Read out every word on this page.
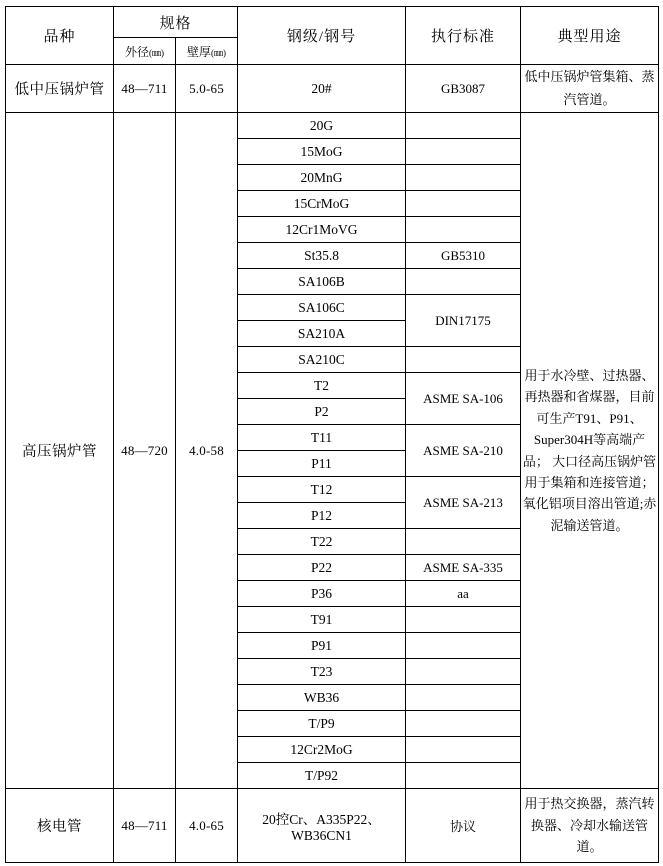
品种	规格		钢级/钢号	执行标准	典型用途
	外径(㎜)	壁厚(㎜)			
低中压锅炉管	48—711	5.0-65	20#	GB3087	低中压锅炉管集箱、蒸汽管道。
高压锅炉管	48—720	4.0-58	20G		用于水冷壁、过热器、再热器和省煤器，目前 可生产T91、P91、Super304H等高端产品； 大口径高压锅炉管用于集箱和连接管道；氧化铝项目溶出管道;赤泥输送管道。
			15MoG		
			20MnG		
			15CrMoG		
			12Cr1MoVG		
			St35.8	GB5310	
			SA106B		
			SA106C	DIN17175	
			SA210A		
			SA210C		
			T2	ASME SA-106	
			P2		
			T11	ASME SA-210	
			P11		
			T12	ASME SA-213	
			P12		
			T22		
			P22	ASME SA-335	
			P36	aa	
			T91		
			P91		
			T23		
			WB36		
			T/P9		
			12Cr2MoG		
			T/P92		
核电管	48—711	4.0-65	20控Cr、A335P22、WB36CN1	协议	用于热交换器，蒸汽转换器、冷却水输送管道。
